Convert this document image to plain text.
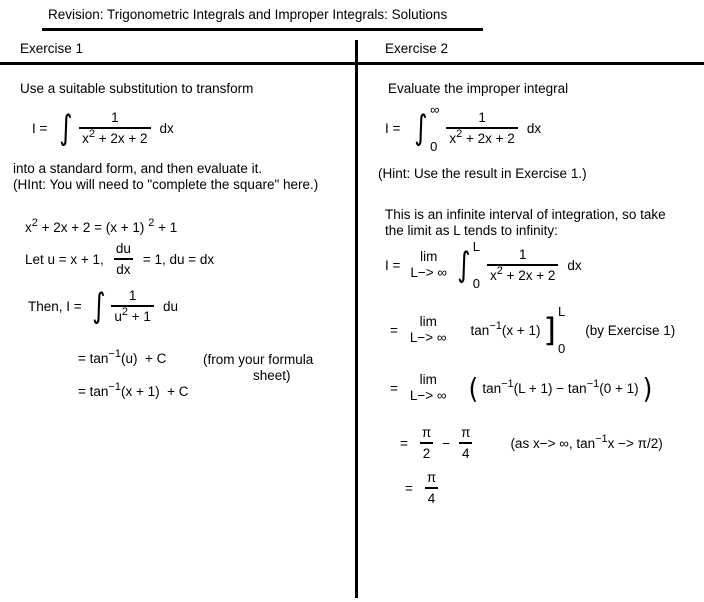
Revision: Trigonometric Integrals and Improper Integrals: Solutions
Exercise 1	Exercise 2
Use a suitable substitution to transform
I = ∫ $\frac{1}{x^2 + 2x + 2}$ dx
into a standard form, and then evaluate it.
(HInt: You will need to "complete the square" here.)
$x^2 + 2x + 2 = (x + 1) ^2 + 1$
Let u = x + 1, $\frac{du}{dx} = 1$, du = dx
Then, I = ∫ $\frac{1}{u^2 + 1}$ du
= $\tan^{-1}(u) + C$	(from your formula
sheet)
= $\tan^{-1}(x + 1) + C$
Evaluate the improper integral
I = ∫ ∞
0
$\frac{1}{x^2 + 2x + 2}$ dx
(Hint: Use the result in Exercise 1.)
This is an infinite interval of integration, so take
the limit as L tends to infinity:
I =
lim
L−> ∞ ∫ L
0
$\frac{1}{x^2 + 2x + 2}$ dx
=
lim
L−> ∞ $\tan^{-1}(x + 1)$ ] L
0
(by Exercise 1)
=
lim
L−> ∞ ( $\tan^{-1}(L + 1) - \tan^{-1}(0 + 1)$ )
= $\frac{\pi}{2} - \frac{\pi}{4}$	(as x−> ∞, $\tan^{-1}x -> \pi/2$)
= $\frac{\pi}{4}$
